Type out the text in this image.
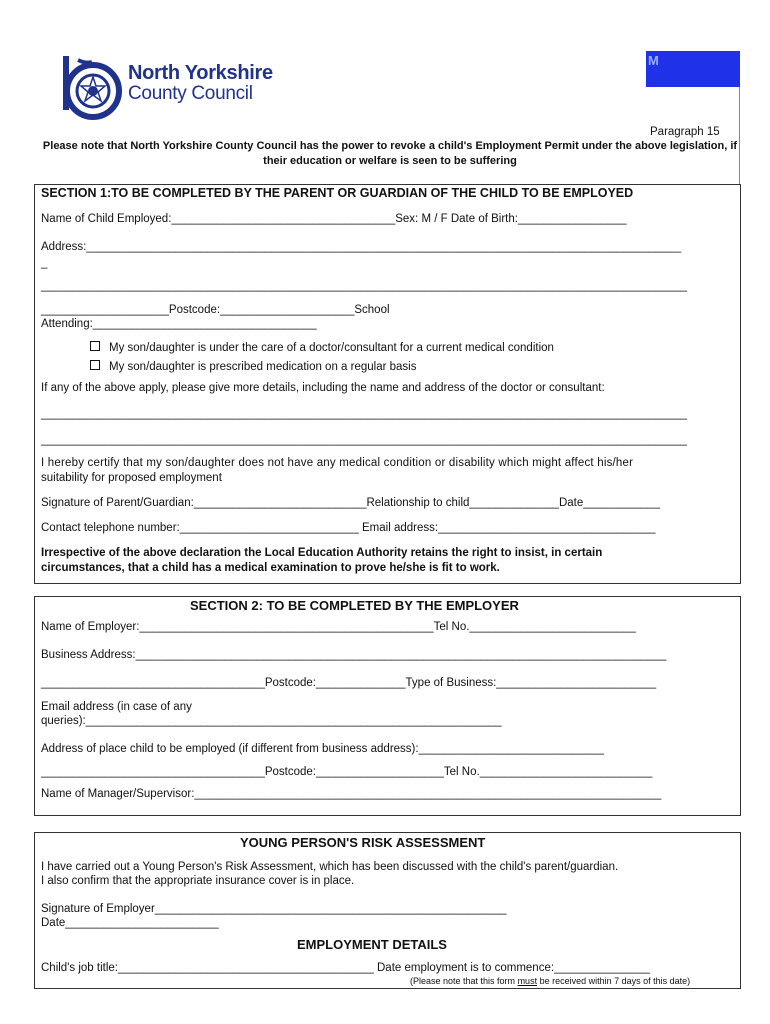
North Yorkshire
County Council
M
Paragraph 15
Please note that North Yorkshire County Council has the power to revoke a child's Employment Permit under the above legislation, if their education or welfare is seen to be suffering
SECTION 1:TO BE COMPLETED BY THE PARENT OR GUARDIAN OF THE CHILD TO BE EMPLOYED
Name of Child Employed:___________________________________Sex: M / F Date of Birth:_________________
Address:_____________________________________________________________________________________________
_
_____________________________________________________________________________________________________
____________________Postcode:_____________________School
Attending:___________________________________
My son/daughter is under the care of a doctor/consultant for a current medical condition
My son/daughter is prescribed medication on a regular basis
If any of the above apply, please give more details, including the name and address of the doctor or consultant:
_____________________________________________________________________________________________________
_____________________________________________________________________________________________________
I hereby certify that my son/daughter does not have any medical condition or disability which might affect his/her
suitability for proposed employment
Signature of Parent/Guardian:___________________________Relationship to child______________Date____________
Contact telephone number:____________________________ Email address:__________________________________
Irrespective of the above declaration the Local Education Authority retains the right to insist, in certain
circumstances, that a child has a medical examination to prove he/she is fit to work.
SECTION 2: TO BE COMPLETED BY THE EMPLOYER
Name of Employer:______________________________________________Tel No.__________________________
Business Address:___________________________________________________________________________________
___________________________________Postcode:______________Type of Business:_________________________
Email address (in case of any
queries):_________________________________________________________________
Address of place child to be employed (if different from business address):_____________________________
___________________________________Postcode:____________________Tel No.___________________________
Name of Manager/Supervisor:_________________________________________________________________________
YOUNG PERSON'S RISK ASSESSMENT
I have carried out a Young Person's Risk Assessment, which has been discussed with the child's parent/guardian.
I also confirm that the appropriate insurance cover is in place.
Signature of Employer_______________________________________________________
Date________________________
EMPLOYMENT DETAILS
Child's job title:________________________________________ Date employment is to commence:_______________
(Please note that this form must be received within 7 days of this date)
